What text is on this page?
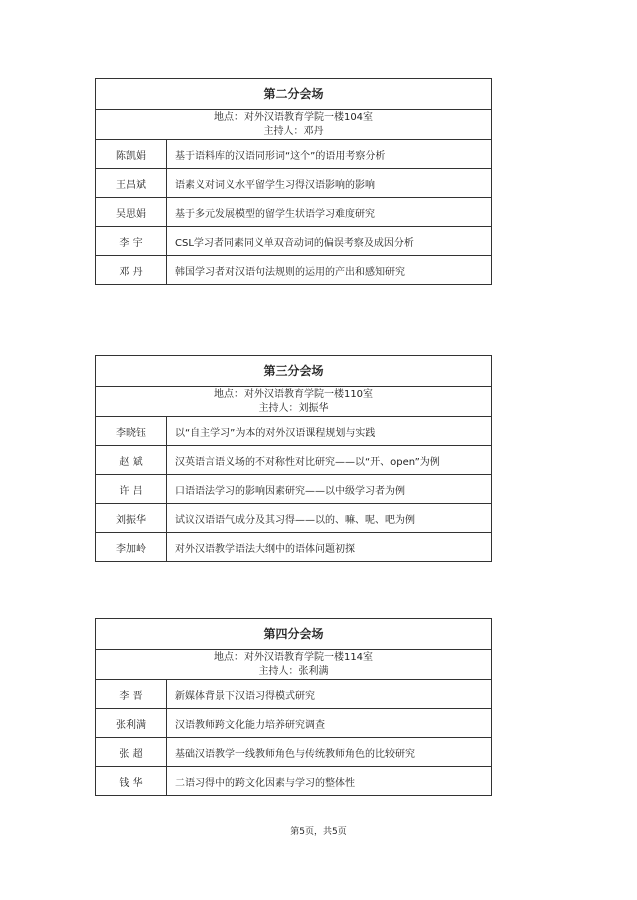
第二分会场
地点：对外汉语教育学院一楼104室
主持人：邓丹
陈凯娟	基于语料库的汉语同形词“这个”的语用考察分析
王昌斌	语素义对词义水平留学生习得汉语影响的影响
吴思娟	基于多元发展模型的留学生状语学习难度研究
李 宇	CSL学习者同素同义单双音动词的偏误考察及成因分析
邓 丹	韩国学习者对汉语句法规则的运用的产出和感知研究
第三分会场
地点：对外汉语教育学院一楼110室
主持人：刘振华
李晓钰	以“自主学习”为本的对外汉语课程规划与实践
赵 斌	汉英语言语义场的不对称性对比研究——以“开、open”为例
许 吕	口语语法学习的影响因素研究——以中级学习者为例
刘振华	试议汉语语气成分及其习得——以的、嘛、呢、吧为例
李加岭	对外汉语教学语法大纲中的语体问题初探
第四分会场
地点：对外汉语教育学院一楼114室
主持人：张利满
李 晋	新媒体背景下汉语习得模式研究
张利满	汉语教师跨文化能力培养研究调查
张 超	基础汉语教学一线教师角色与传统教师角色的比较研究
钱 华	二语习得中的跨文化因素与学习的整体性
第5页，共5页
